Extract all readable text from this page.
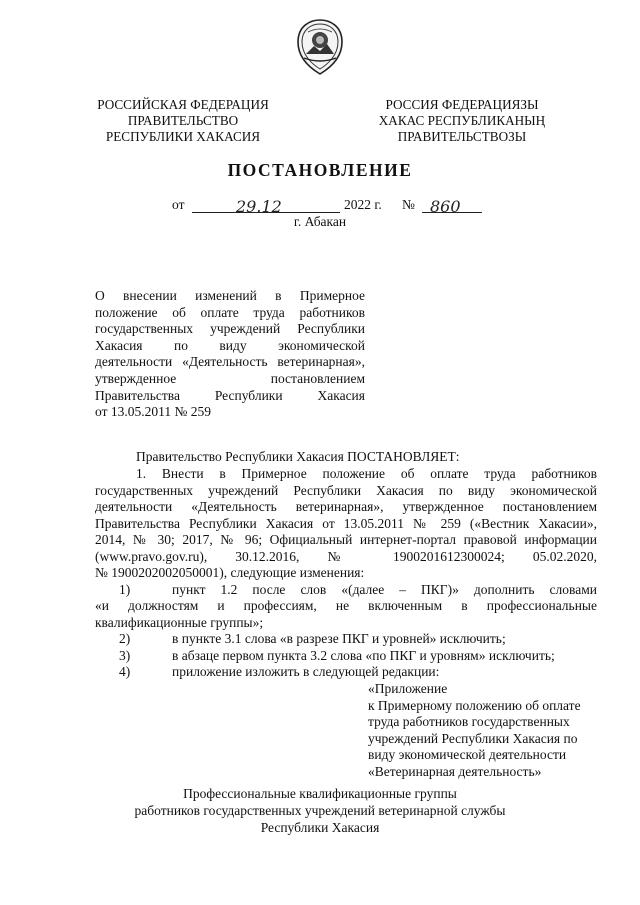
РОССИЙСКАЯ ФЕДЕРАЦИЯ
ПРАВИТЕЛЬСТВО
РЕСПУБЛИКИ ХАКАСИЯ
РОССИЯ ФЕДЕРАЦИЯЗЫ
ХАКАС РЕСПУБЛИКАНЫҢ
ПРАВИТЕЛЬСТВОЗЫ
ПОСТАНОВЛЕНИЕ
от	29.12	2022 г. № 860
г. Абакан
О внесении изменений в Примерное
положение об оплате труда работников
государственных учреждений Республики
Хакасия по виду экономической
деятельности «Деятельность ветеринарная»,
утвержденное постановлением
Правительства Республики Хакасия
от 13.05.2011 № 259
Правительство Республики Хакасия ПОСТАНОВЛЯЕТ:
1. Внести в Примерное положение об оплате труда работников
государственных учреждений Республики Хакасия по виду экономической
деятельности «Деятельность ветеринарная», утвержденное постановлением
Правительства Республики Хакасия от 13.05.2011 № 259 («Вестник Хакасии»,
2014, № 30; 2017, № 96; Официальный интернет-портал правовой информации
(www.pravo.gov.ru), 30.12.2016, № 1900201612300024; 05.02.2020,
№ 1900202002050001), следующие изменения:
1)	пункт 1.2 после слов «(далее – ПКГ)» дополнить словами
«и должностям и профессиям, не включенным в профессиональные
квалификационные группы»;
2)	в пункте 3.1 слова «в разрезе ПКГ и уровней» исключить;
3)	в абзаце первом пункта 3.2 слова «по ПКГ и уровням» исключить;
4)	приложение изложить в следующей редакции:
«Приложение
к Примерному положению об оплате
труда работников государственных
учреждений Республики Хакасия по
виду экономической деятельности
«Ветеринарная деятельность»
Профессиональные квалификационные группы
работников государственных учреждений ветеринарной службы
Республики Хакасия
